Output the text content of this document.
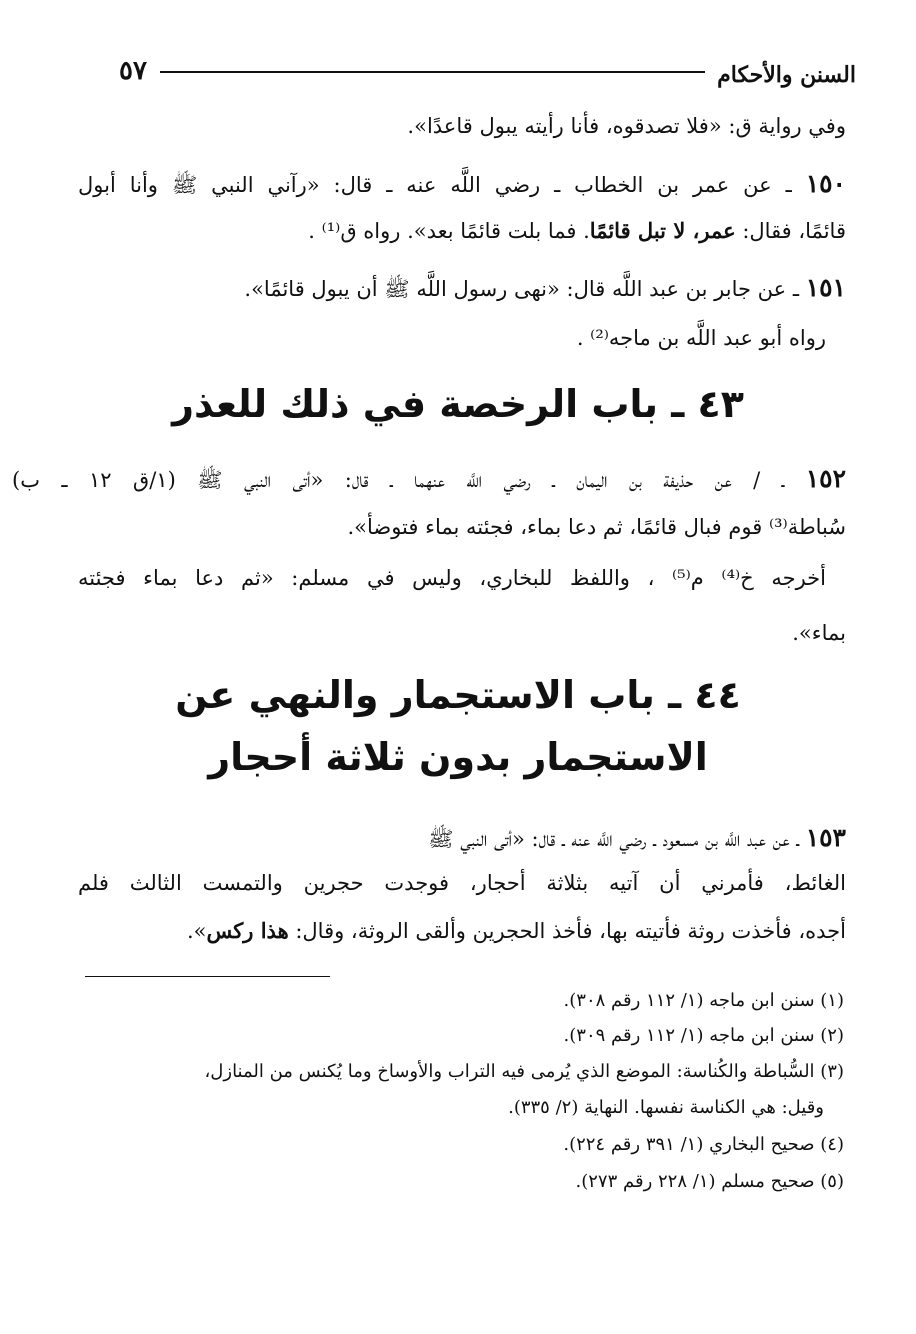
السنن والأحكام
٥٧
وفي رواية ق: «فلا تصدقوه، فأنا رأيته يبول قاعدًا».
١٥٠ ـ عن عمر بن الخطاب ـ رضي اللَّه عنه ـ قال: «رآني النبي ﷺ وأنا أبول
قائمًا، فقال: عمر، لا تبل قائمًا. فما بلت قائمًا بعد». رواه ق⁽¹⁾ .
١٥١ ـ عن جابر بن عبد اللَّه قال: «نهى رسول اللَّه ﷺ أن يبول قائمًا».
رواه أبو عبد اللَّه بن ماجه⁽²⁾ .
٤٣ ـ باب الرخصة في ذلك للعذر
١٥٢ ـ / عن حذيفة بن اليمان ـ رضي اللَّه عنهما ـ قال: «أتى النبي ﷺ (١/ق ١٢ ـ ب)
سُباطة⁽³⁾ قوم فبال قائمًا، ثم دعا بماء، فجئته بماء فتوضأ».
أخرجه خ⁽⁴⁾ م⁽⁵⁾ ، واللفظ للبخاري، وليس في مسلم: «ثم دعا بماء فجئته
بماء».
٤٤ ـ باب الاستجمار والنهي عن
الاستجمار بدون ثلاثة أحجار
١٥٣ ـ عن عبد اللَّه بن مسعود ـ رضي اللَّه عنه ـ قال: «أتى النبي ﷺ
الغائط، فأمرني أن آتيه بثلاثة أحجار، فوجدت حجرين والتمست الثالث فلم
أجده، فأخذت روثة فأتيته بها، فأخذ الحجرين وألقى الروثة، وقال: هذا ركس».
(١) سنن ابن ماجه (١/ ١١٢ رقم ٣٠٨).
(٢) سنن ابن ماجه (١/ ١١٢ رقم ٣٠٩).
(٣) السُّباطة والكُناسة: الموضع الذي يُرمى فيه التراب والأوساخ وما يُكنس من المنازل،
وقيل: هي الكناسة نفسها. النهاية (٢/ ٣٣٥).
(٤) صحيح البخاري (١/ ٣٩١ رقم ٢٢٤).
(٥) صحيح مسلم (١/ ٢٢٨ رقم ٢٧٣).
